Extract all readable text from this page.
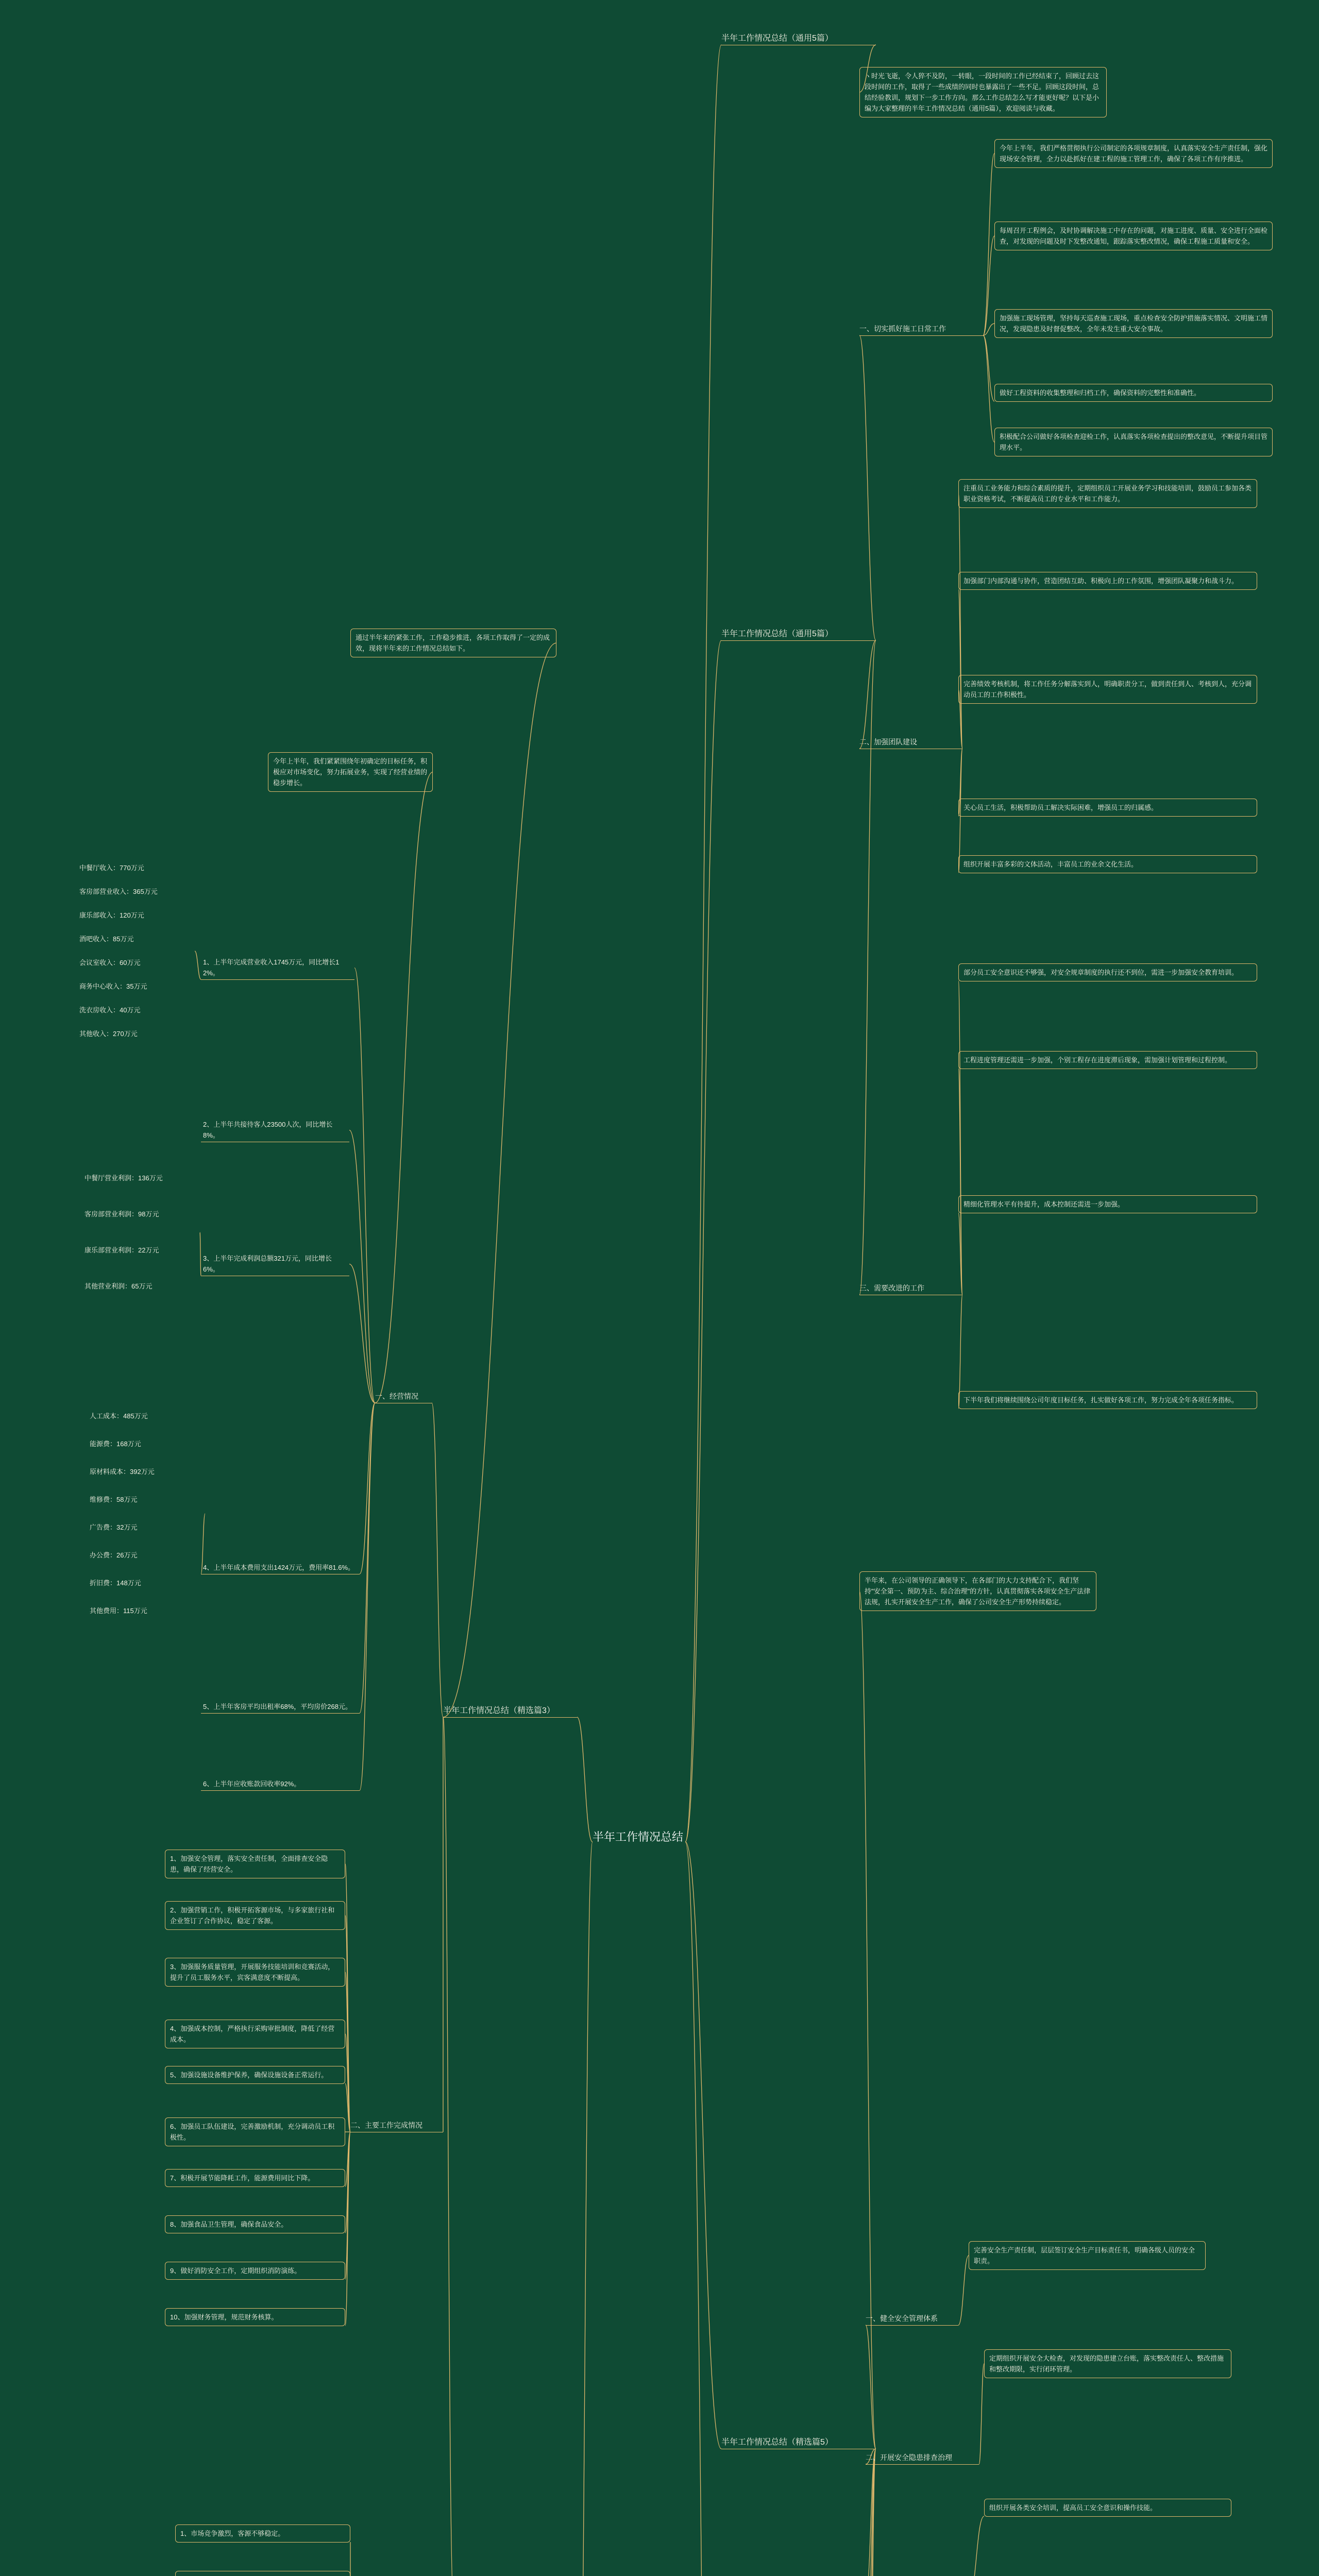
半年工作情况总结
半年工作情况总结（通用5篇）
ヽ时光飞逝，令人猝不及防，一转眼，一段时间的工作已经结束了，回顾过去这段时间的工作，取得了一些成绩的同时也暴露出了一些不足。回顾这段时间，总结经验教训，规划下一步工作方向。那么工作总结怎么写才能更好呢？以下是小编为大家整理的半年工作情况总结（通用5篇），欢迎阅读与收藏。
半年工作情况总结（通用5篇）
一、切实抓好施工日常工作
今年上半年，我们严格贯彻执行公司制定的各项规章制度，认真落实安全生产责任制，强化现场安全管理，全力以赴抓好在建工程的施工管理工作，确保了各项工作有序推进。
每周召开工程例会，及时协调解决施工中存在的问题，对施工进度、质量、安全进行全面检查，对发现的问题及时下发整改通知，跟踪落实整改情况，确保工程施工质量和安全。
加强施工现场管理，坚持每天巡查施工现场，重点检查安全防护措施落实情况、文明施工情况，发现隐患及时督促整改，全年未发生重大安全事故。
做好工程资料的收集整理和归档工作，确保资料的完整性和准确性。
积极配合公司做好各项检查迎检工作，认真落实各项检查提出的整改意见，不断提升项目管理水平。
二、加强团队建设
注重员工业务能力和综合素质的提升，定期组织员工开展业务学习和技能培训，鼓励员工参加各类职业资格考试，不断提高员工的专业水平和工作能力。
加强部门内部沟通与协作，营造团结互助、积极向上的工作氛围，增强团队凝聚力和战斗力。
完善绩效考核机制，将工作任务分解落实到人，明确职责分工，做到责任到人、考核到人，充分调动员工的工作积极性。
关心员工生活，积极帮助员工解决实际困难，增强员工的归属感。
组织开展丰富多彩的文体活动，丰富员工的业余文化生活。
三、需要改进的工作
部分员工安全意识还不够强，对安全规章制度的执行还不到位，需进一步加强安全教育培训。
工程进度管理还需进一步加强，个别工程存在进度滞后现象，需加强计划管理和过程控制。
精细化管理水平有待提升，成本控制还需进一步加强。
下半年我们将继续围绕公司年度目标任务，扎实做好各项工作，努力完成全年各项任务指标。
半年工作情况总结（精选篇3）
通过半年来的紧张工作，工作稳步推进，各项工作取得了一定的成效，现将半年来的工作情况总结如下。
一、经营情况
今年上半年，我们紧紧围绕年初确定的目标任务，积极应对市场变化，努力拓展业务，实现了经营业绩的稳步增长。
1、上半年完成营业收入1745万元，同比增长12%。
中餐厅收入：770万元
客房部营业收入：365万元
康乐部收入：120万元
酒吧收入：85万元
会议室收入：60万元
商务中心收入：35万元
洗衣房收入：40万元
其他收入：270万元
2、上半年共接待客人23500人次，同比增长8%。
3、上半年完成利润总额321万元，同比增长6%。
中餐厅营业利润：136万元
客房部营业利润：98万元
康乐部营业利润：22万元
其他营业利润：65万元
4、上半年成本费用支出1424万元，费用率81.6%。
人工成本：485万元
能源费：168万元
原材料成本：392万元
维修费：58万元
广告费：32万元
办公费：26万元
折旧费：148万元
其他费用：115万元
5、上半年客房平均出租率68%，平均房价268元。
6、上半年应收账款回收率92%。
二、主要工作完成情况
1、加强安全管理，落实安全责任制，全面排查安全隐患，确保了经营安全。
2、加强营销工作，积极开拓客源市场，与多家旅行社和企业签订了合作协议，稳定了客源。
3、加强服务质量管理，开展服务技能培训和竞赛活动，提升了员工服务水平，宾客满意度不断提高。
4、加强成本控制，严格执行采购审批制度，降低了经营成本。
5、加强设施设备维护保养，确保设施设备正常运行。
6、加强员工队伍建设，完善激励机制，充分调动员工积极性。
7、积极开展节能降耗工作，能源费用同比下降。
8、加强食品卫生管理，确保食品安全。
9、做好消防安全工作，定期组织消防演练。
10、加强财务管理，规范财务核算。
1、市场竞争激烈，客源不够稳定。
半年工作情况总结（精选篇5）
半年来，在公司领导的正确领导下，在各部门的大力支持配合下，我们坚持"安全第一、预防为主、综合治理"的方针，认真贯彻落实各项安全生产法律法规，扎实开展安全生产工作，确保了公司安全生产形势持续稳定。
一、健全安全管理体系
完善安全生产责任制，层层签订安全生产目标责任书，明确各级人员的安全职责。
二、开展安全隐患排查治理
定期组织开展安全大检查，对发现的隐患建立台账，落实整改责任人、整改措施和整改期限，实行闭环管理。
组织开展各类安全培训，提高员工安全意识和操作技能。
